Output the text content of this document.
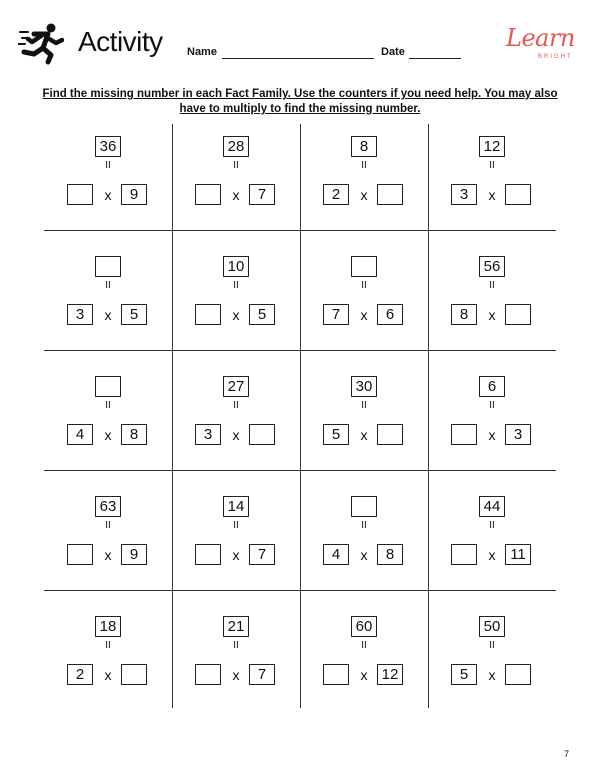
Activity Name	Date	Learn
BRIGHT
Find the missing number in each Fact Family. Use the counters if you need help. You may also
have to multiply to find the missing number.
36
II
x	9
28
II
x	7
8
II
2	x
12
II
3	x
II
3	x	5
10
II
x	5
II
7	x	6
56
II
8	x
II
4	x	8
27
II
3	x
30
II
5	x
6
II
x	3
63
II
x	9
14
II
x	7
II
4	x	8
44
II
x 11
18
II
2	x
21
II
x	7
60
II
x 12
50
II
5	x
7
